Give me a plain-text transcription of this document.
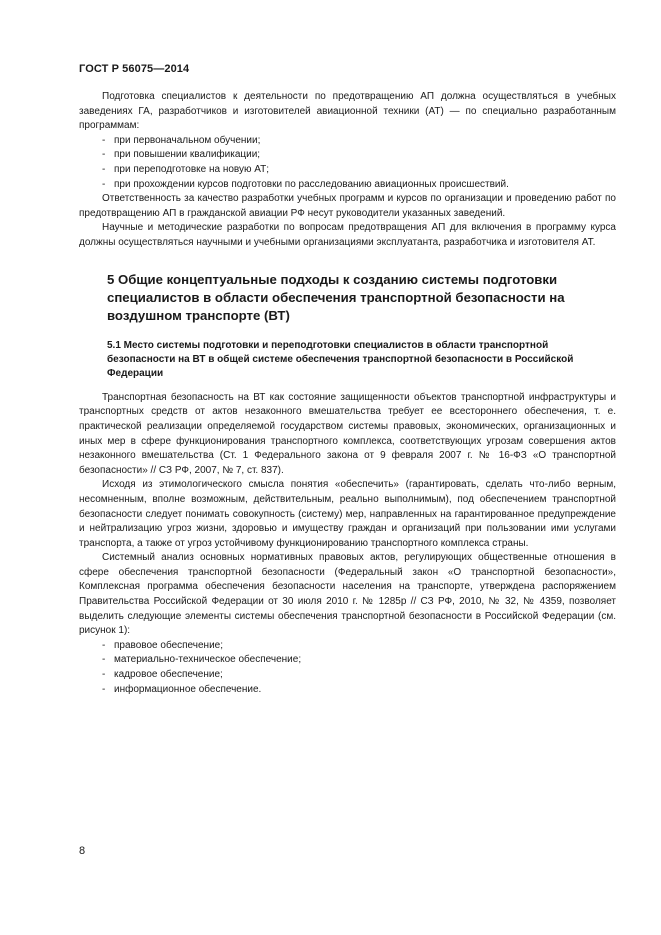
ГОСТ Р 56075—2014

Подготовка специалистов к деятельности по предотвращению АП должна осуществляться в учебных заведениях ГА, разработчиков и изготовителей авиационной техники (АТ) — по специально разработанным программам:

- при первоначальном обучении;

- при повышении квалификации;

- при переподготовке на новую АТ;

- при прохождении курсов подготовки по расследованию авиационных происшествий.

Ответственность за качество разработки учебных программ и курсов по организации и проведению работ по предотвращению АП в гражданской авиации РФ несут руководители указанных заведений.

Научные и методические разработки по вопросам предотвращения АП для включения в программу курса должны осуществляться научными и учебными организациями эксплуатанта, разработчика и изготовителя АТ.

5 Общие концептуальные подходы к созданию системы подготовки специалистов в области обеспечения транспортной безопасности на воздушном транспорте (ВТ)
5.1 Место системы подготовки и переподготовки специалистов в области транспортной безопасности на ВТ в общей системе обеспечения транспортной безопасности в Российской Федерации

Транспортная безопасность на ВТ как состояние защищенности объектов транспортной инфраструктуры и транспортных средств от актов незаконного вмешательства требует ее всестороннего обеспечения, т. е. практической реализации определяемой государством системы правовых, экономических, организационных и иных мер в сфере функционирования транспортного комплекса, соответствующих угрозам совершения актов незаконного вмешательства (Ст. 1 Федерального закона от 9 февраля 2007 г. № 16-ФЗ «О транспортной безопасности» // СЗ РФ, 2007, № 7, ст. 837).

Исходя из этимологического смысла понятия «обеспечить» (гарантировать, сделать что-либо верным, несомненным, вполне возможным, действительным, реально выполнимым), под обеспечением транспортной безопасности следует понимать совокупность (систему) мер, направленных на гарантированное предупреждение и нейтрализацию угроз жизни, здоровью и имуществу граждан и организаций при пользовании ими услугами транспорта, а также от угроз устойчивому функционированию транспортного комплекса страны.

Системный анализ основных нормативных правовых актов, регулирующих общественные отношения в сфере обеспечения транспортной безопасности (Федеральный закон «О транспортной безопасности», Комплексная программа обеспечения безопасности населения на транспорте, утверждена распоряжением Правительства Российской Федерации от 30 июля 2010 г. № 1285р // СЗ РФ, 2010, № 32, № 4359, позволяет выделить следующие элементы системы обеспечения транспортной безопасности в Российской Федерации (см. рисунок 1):

- правовое обеспечение;

- материально-техническое обеспечение;

- кадровое обеспечение;

- информационное обеспечение.

8
